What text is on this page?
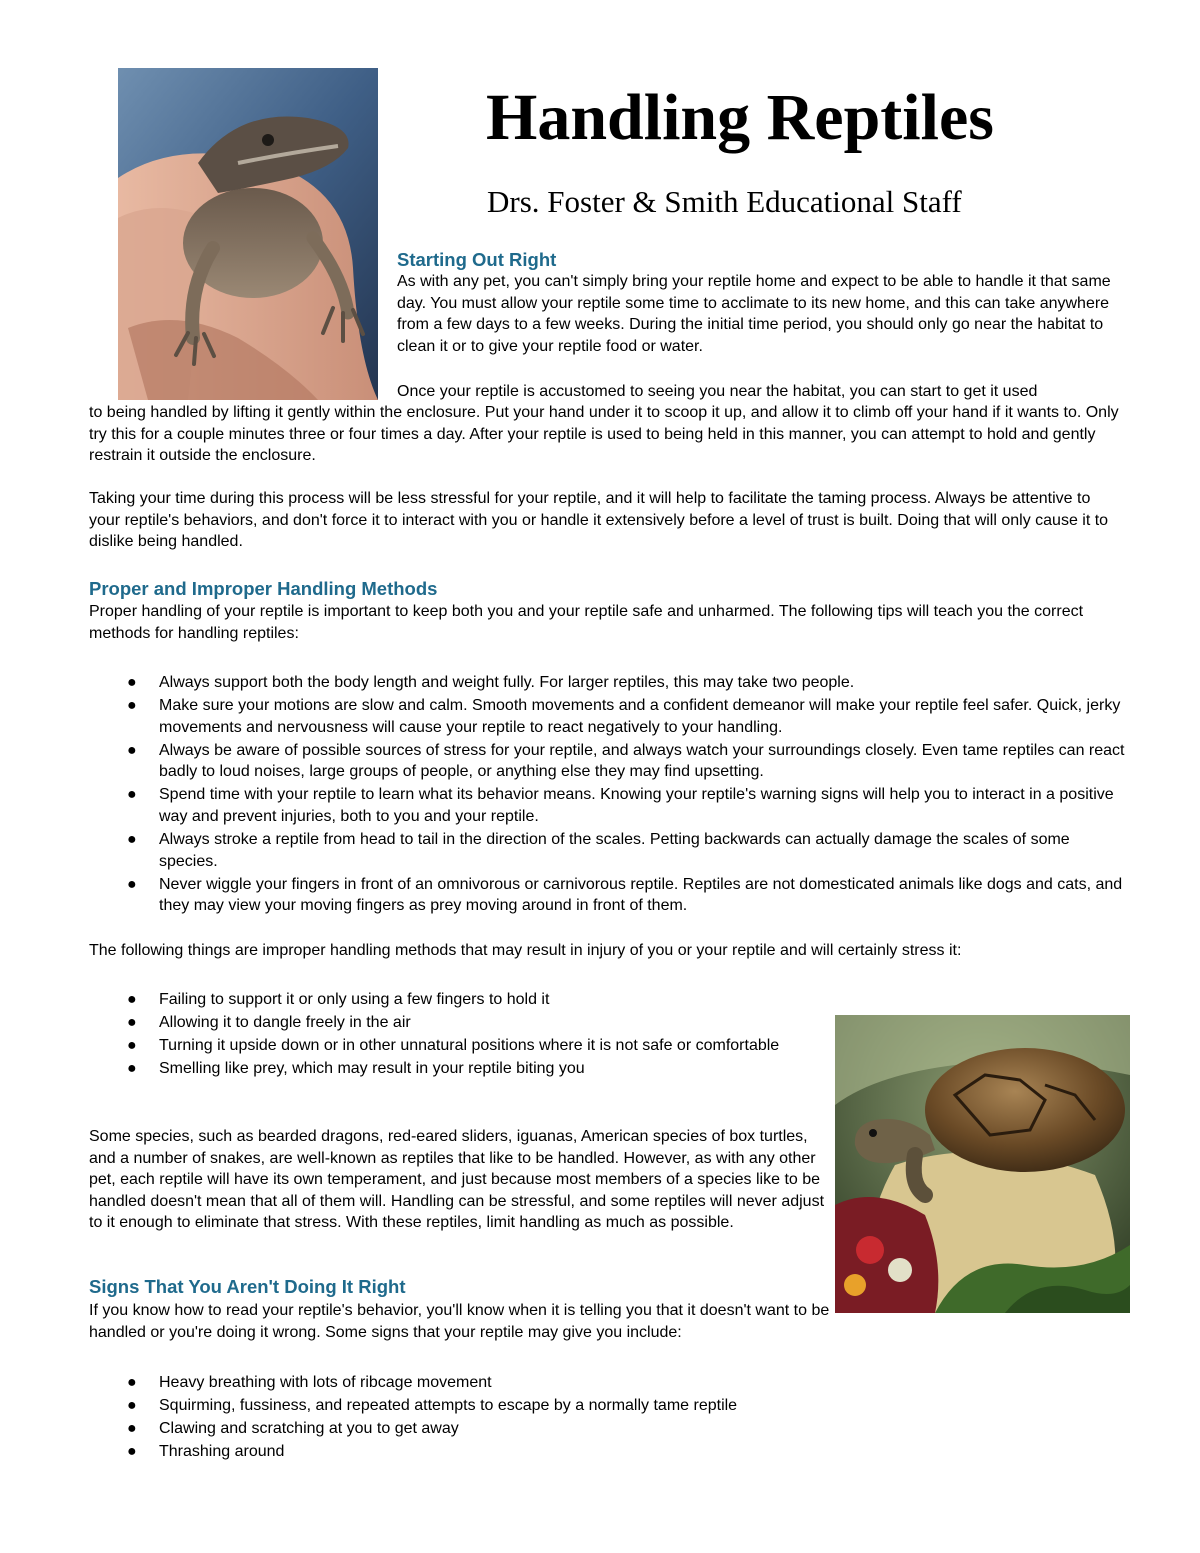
Handling Reptiles
Drs. Foster & Smith Educational Staff
Starting Out Right

As with any pet, you can't simply bring your reptile home and expect to be able to handle it that same day. You must allow your reptile some time to acclimate to its new home, and this can take anywhere from a few days to a few weeks. During the initial time period, you should only go near the habitat to clean it or to give your reptile food or water.

Once your reptile is accustomed to seeing you near the habitat, you can start to get it used

to being handled by lifting it gently within the enclosure. Put your hand under it to scoop it up, and allow it to climb off your hand if it wants to. Only try this for a couple minutes three or four times a day. After your reptile is used to being held in this manner, you can attempt to hold and gently restrain it outside the enclosure.

Taking your time during this process will be less stressful for your reptile, and it will help to facilitate the taming process. Always be attentive to your reptile's behaviors, and don't force it to interact with you or handle it extensively before a level of trust is built. Doing that will only cause it to dislike being handled.

Proper and Improper Handling Methods

Proper handling of your reptile is important to keep both you and your reptile safe and unharmed. The following tips will teach you the correct methods for handling reptiles:

● Always support both the body length and weight fully. For larger reptiles, this may take two people.
● Make sure your motions are slow and calm. Smooth movements and a confident demeanor will make your reptile feel safer. Quick, jerky movements and nervousness will cause your reptile to react negatively to your handling.
● Always be aware of possible sources of stress for your reptile, and always watch your surroundings closely. Even tame reptiles can react badly to loud noises, large groups of people, or anything else they may find upsetting.
● Spend time with your reptile to learn what its behavior means. Knowing your reptile's warning signs will help you to interact in a positive way and prevent injuries, both to you and your reptile.
● Always stroke a reptile from head to tail in the direction of the scales. Petting backwards can actually damage the scales of some species.
● Never wiggle your fingers in front of an omnivorous or carnivorous reptile. Reptiles are not domesticated animals like dogs and cats, and they may view your moving fingers as prey moving around in front of them.

The following things are improper handling methods that may result in injury of you or your reptile and will certainly stress it:

● Failing to support it or only using a few fingers to hold it
● Allowing it to dangle freely in the air
● Turning it upside down or in other unnatural positions where it is not safe or comfortable
● Smelling like prey, which may result in your reptile biting you

Some species, such as bearded dragons, red-eared sliders, iguanas, American species of box turtles, and a number of snakes, are well-known as reptiles that like to be handled. However, as with any other pet, each reptile will have its own temperament, and just because most members of a species like to be handled doesn't mean that all of them will. Handling can be stressful, and some reptiles will never adjust to it enough to eliminate that stress. With these reptiles, limit handling as much as possible.

Signs That You Aren't Doing It Right

If you know how to read your reptile's behavior, you'll know when it is telling you that it doesn't want to be handled or you're doing it wrong. Some signs that your reptile may give you include:

● Heavy breathing with lots of ribcage movement
● Squirming, fussiness, and repeated attempts to escape by a normally tame reptile
● Clawing and scratching at you to get away
● Thrashing around
